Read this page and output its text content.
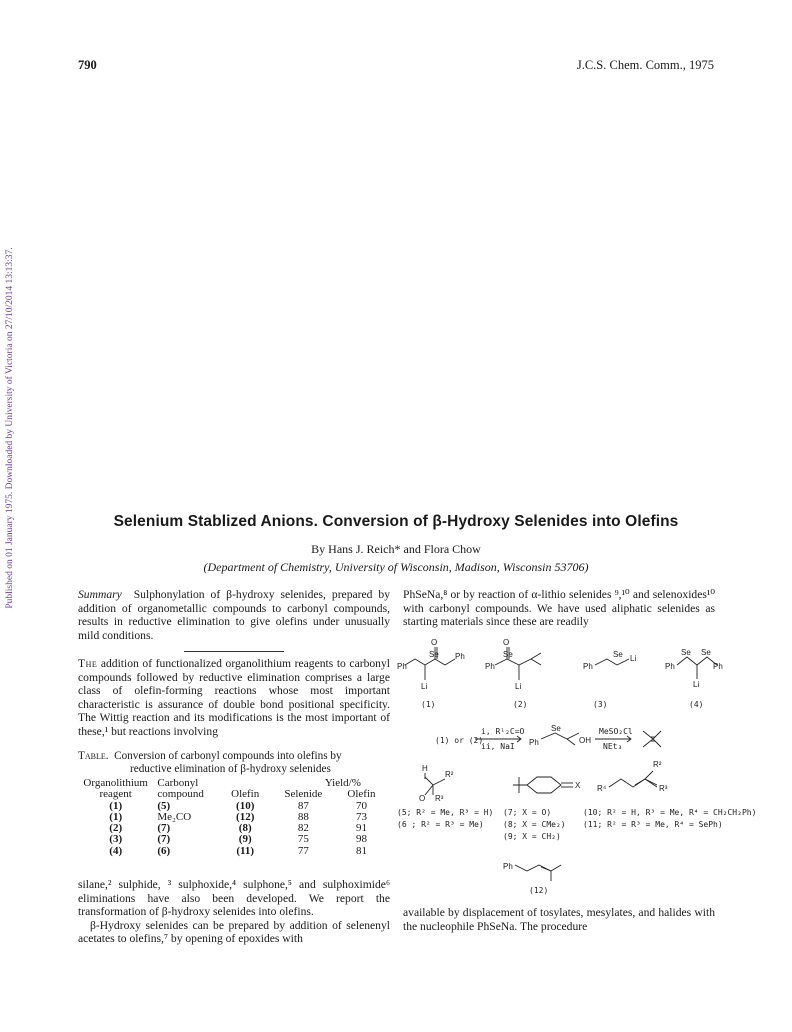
Published on 01 January 1975. Downloaded by University of Victoria on 27/10/2014 13:13:37.
790	J.C.S. Chem. Comm., 1975
Selenium Stablized Anions. Conversion of β-Hydroxy Selenides into Olefins
By Hans J. Reich* and Flora Chow
(Department of Chemistry, University of Wisconsin, Madison, Wisconsin 53706)

Summary Sulphonylation of β-hydroxy selenides, prepared by addition of organometallic compounds to carbonyl compounds, results in reductive elimination to give olefins under unusually mild conditions.

The addition of functionalized organolithium reagents to carbonyl compounds followed by reductive elimination comprises a large class of olefin-forming reactions whose most important characteristic is assurance of double bond positional specificity. The Wittig reaction and its modifications is the most important of these,¹ but reactions involving

Table. Conversion of carbonyl compounds into olefins by
reductive elimination of β-hydroxy selenides
Organolithium	Carbonyl		Yield/%	
reagent	compound	Olefin	Selenide	Olefin
(1)	(5)	(10)	87	70
(1)	Me₂CO	(12)	88	73
(2)	(7)	(8)	82	91
(3)	(7)	(9)	75	98
(4)	(6)	(11)	77	81

silane,² sulphide, ³ sulphoxide,⁴ sulphone,⁵ and sulphoximide⁶ eliminations have also been developed. We report the transformation of β-hydroxy selenides into olefins.

β-Hydroxy selenides can be prepared by addition of selenenyl acetates to olefins,⁷ by opening of epoxides with

PhSeNa,⁸ or by reaction of α-lithio selenides ⁹,¹⁰ and selenoxides¹⁰ with carbonyl compounds. We have used aliphatic selenides as starting materials since these are readily
Ph
Se
O
Ph
Li
Ph
Se
O
Li
Ph
Se Li
Ph
Se Se
Ph
Li
Ph
Se
OH
H
R²
R³
O
X R⁴
R²
R³
Ph
(1)	(2)	(3)	(4)
(12)
(1) or (2)
i, R¹₂C=O
ii, NaI
MeSO₂Cl
NEt₃
(5; R² = Me, R³ = H)
(6 ; R² = R³ = Me)
(7; X = O)
(8; X = CMe₂)
(9; X = CH₂)
(10; R² = H, R³ = Me, R⁴ = CH₂CH₂Ph)
(11; R² = R³ = Me, R⁴ = SePh)
available by displacement of tosylates, mesylates, and halides with the nucleophile PhSeNa. The procedure
